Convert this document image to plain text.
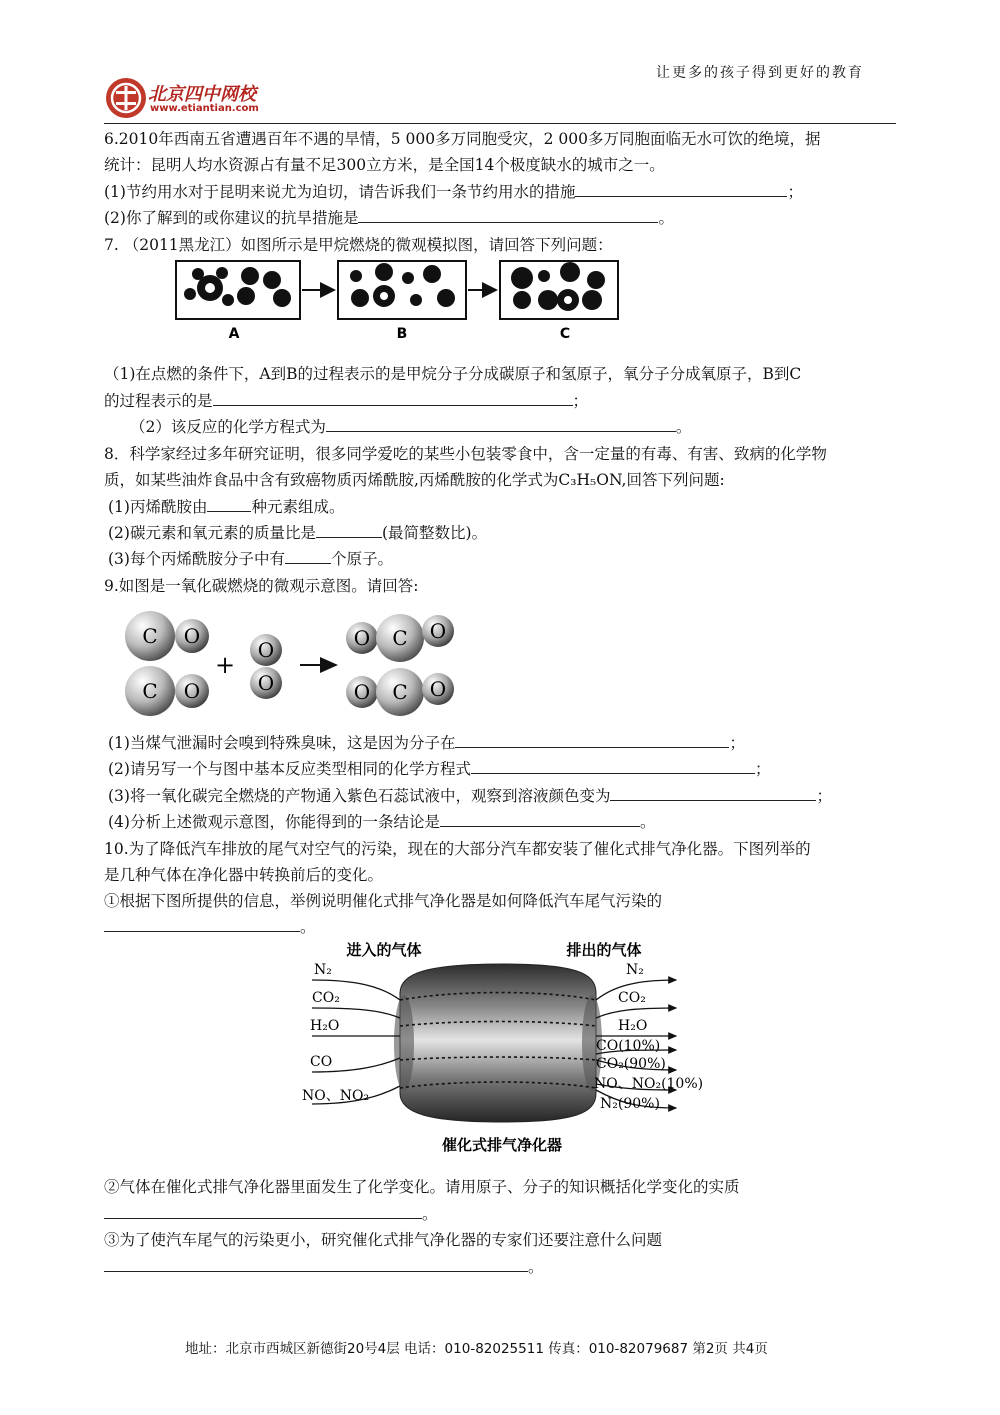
让更多的孩子得到更好的教育
北京四中网校
www.etiantian.com
6.2010年西南五省遭遇百年不遇的旱情，5 000多万同胞受灾，2 000多万同胞面临无水可饮的绝境，据
统计：昆明人均水资源占有量不足300立方米，是全国14个极度缺水的城市之一。
(1)节约用水对于昆明来说尤为迫切，请告诉我们一条节约用水的措施	；
(2)你了解到的或你建议的抗旱措施是	。
7. （2011黑龙江）如图所示是甲烷燃烧的微观模拟图，请回答下列问题：
A	B	C
（1)在点燃的条件下，A到B的过程表示的是甲烷分子分成碳原子和氢原子，氧分子分成氧原子，B到C
的过程表示的是	；
（2）该反应的化学方程式为	。
8．科学家经过多年研究证明，很多同学爱吃的某些小包装零食中，含一定量的有毒、有害、致病的化学物
质，如某些油炸食品中含有致癌物质丙烯酰胺,丙烯酰胺的化学式为C₃H₅ON,回答下列问题:
(1)丙烯酰胺由	种元素组成。
(2)碳元素和氧元素的质量比是	(最简整数比)。
(3)每个丙烯酰胺分子中有	个原子。
9.如图是一氧化碳燃烧的微观示意图。请回答:
C O
C O
+
O
O
O C O
O C O
(1)当煤气泄漏时会嗅到特殊臭味，这是因为分子在	；
(2)请另写一个与图中基本反应类型相同的化学方程式	；
(3)将一氧化碳完全燃烧的产物通入紫色石蕊试液中，观察到溶液颜色变为	；
(4)分析上述微观示意图，你能得到的一条结论是	。
10.为了降低汽车排放的尾气对空气的污染，现在的大部分汽车都安装了催化式排气净化器。下图列举的
是几种气体在净化器中转换前后的变化。
①根据下图所提供的信息，举例说明催化式排气净化器是如何降低汽车尾气污染的
。
进入的气体	排出的气体
N₂
CO₂
H₂O
CO
NO、NO₂
N₂
CO₂
H₂O
CO(10%)
CO₂(90%)
NO、NO₂(10%)
N₂(90%)
催化式排气净化器
②气体在催化式排气净化器里面发生了化学变化。请用原子、分子的知识概括化学变化的实质
。
③为了使汽车尾气的污染更小，研究催化式排气净化器的专家们还要注意什么问题
。
地址：北京市西城区新德街20号4层 电话：010-82025511 传真：010-82079687 第2页 共4页
